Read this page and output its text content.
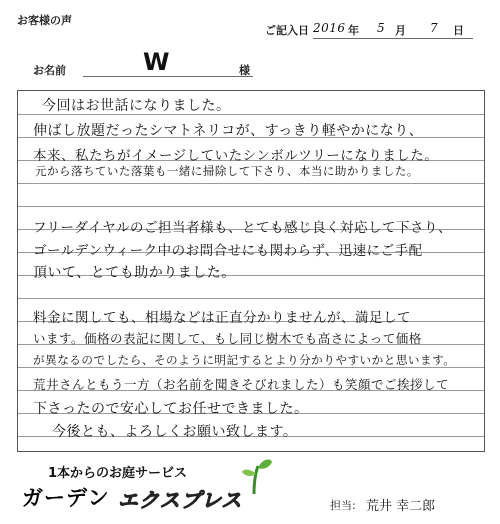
お客様の声
ご記入日 2016 年 5 月 7 日
お名前	W	様
今回はお世話になりました。
伸ばし放題だったシマトネリコが、すっきり軽やかになり、
本来、私たちがイメージしていたシンボルツリーになりました。
元から落ちていた落葉も一緒に掃除して下さり、本当に助かりました。
フリーダイヤルのご担当者様も、とても感じ良く対応して下さり、
ゴールデンウィーク中のお問合せにも関わらず、迅速にご手配
頂いて、とても助かりました。
料金に関しても、相場などは正直分かりませんが、満足して
います。価格の表記に関して、もし同じ樹木でも高さによって価格
が異なるのでしたら、そのように明記するとより分かりやすいかと思います。
荒井さんともう一方（お名前を聞きそびれました）も笑顔でご挨拶して
下さったので安心してお任せできました。
今後とも、よろしくお願い致します。
1本からのお庭サービス
ガーデン エクスプレス	担当: 荒井 幸二郎
